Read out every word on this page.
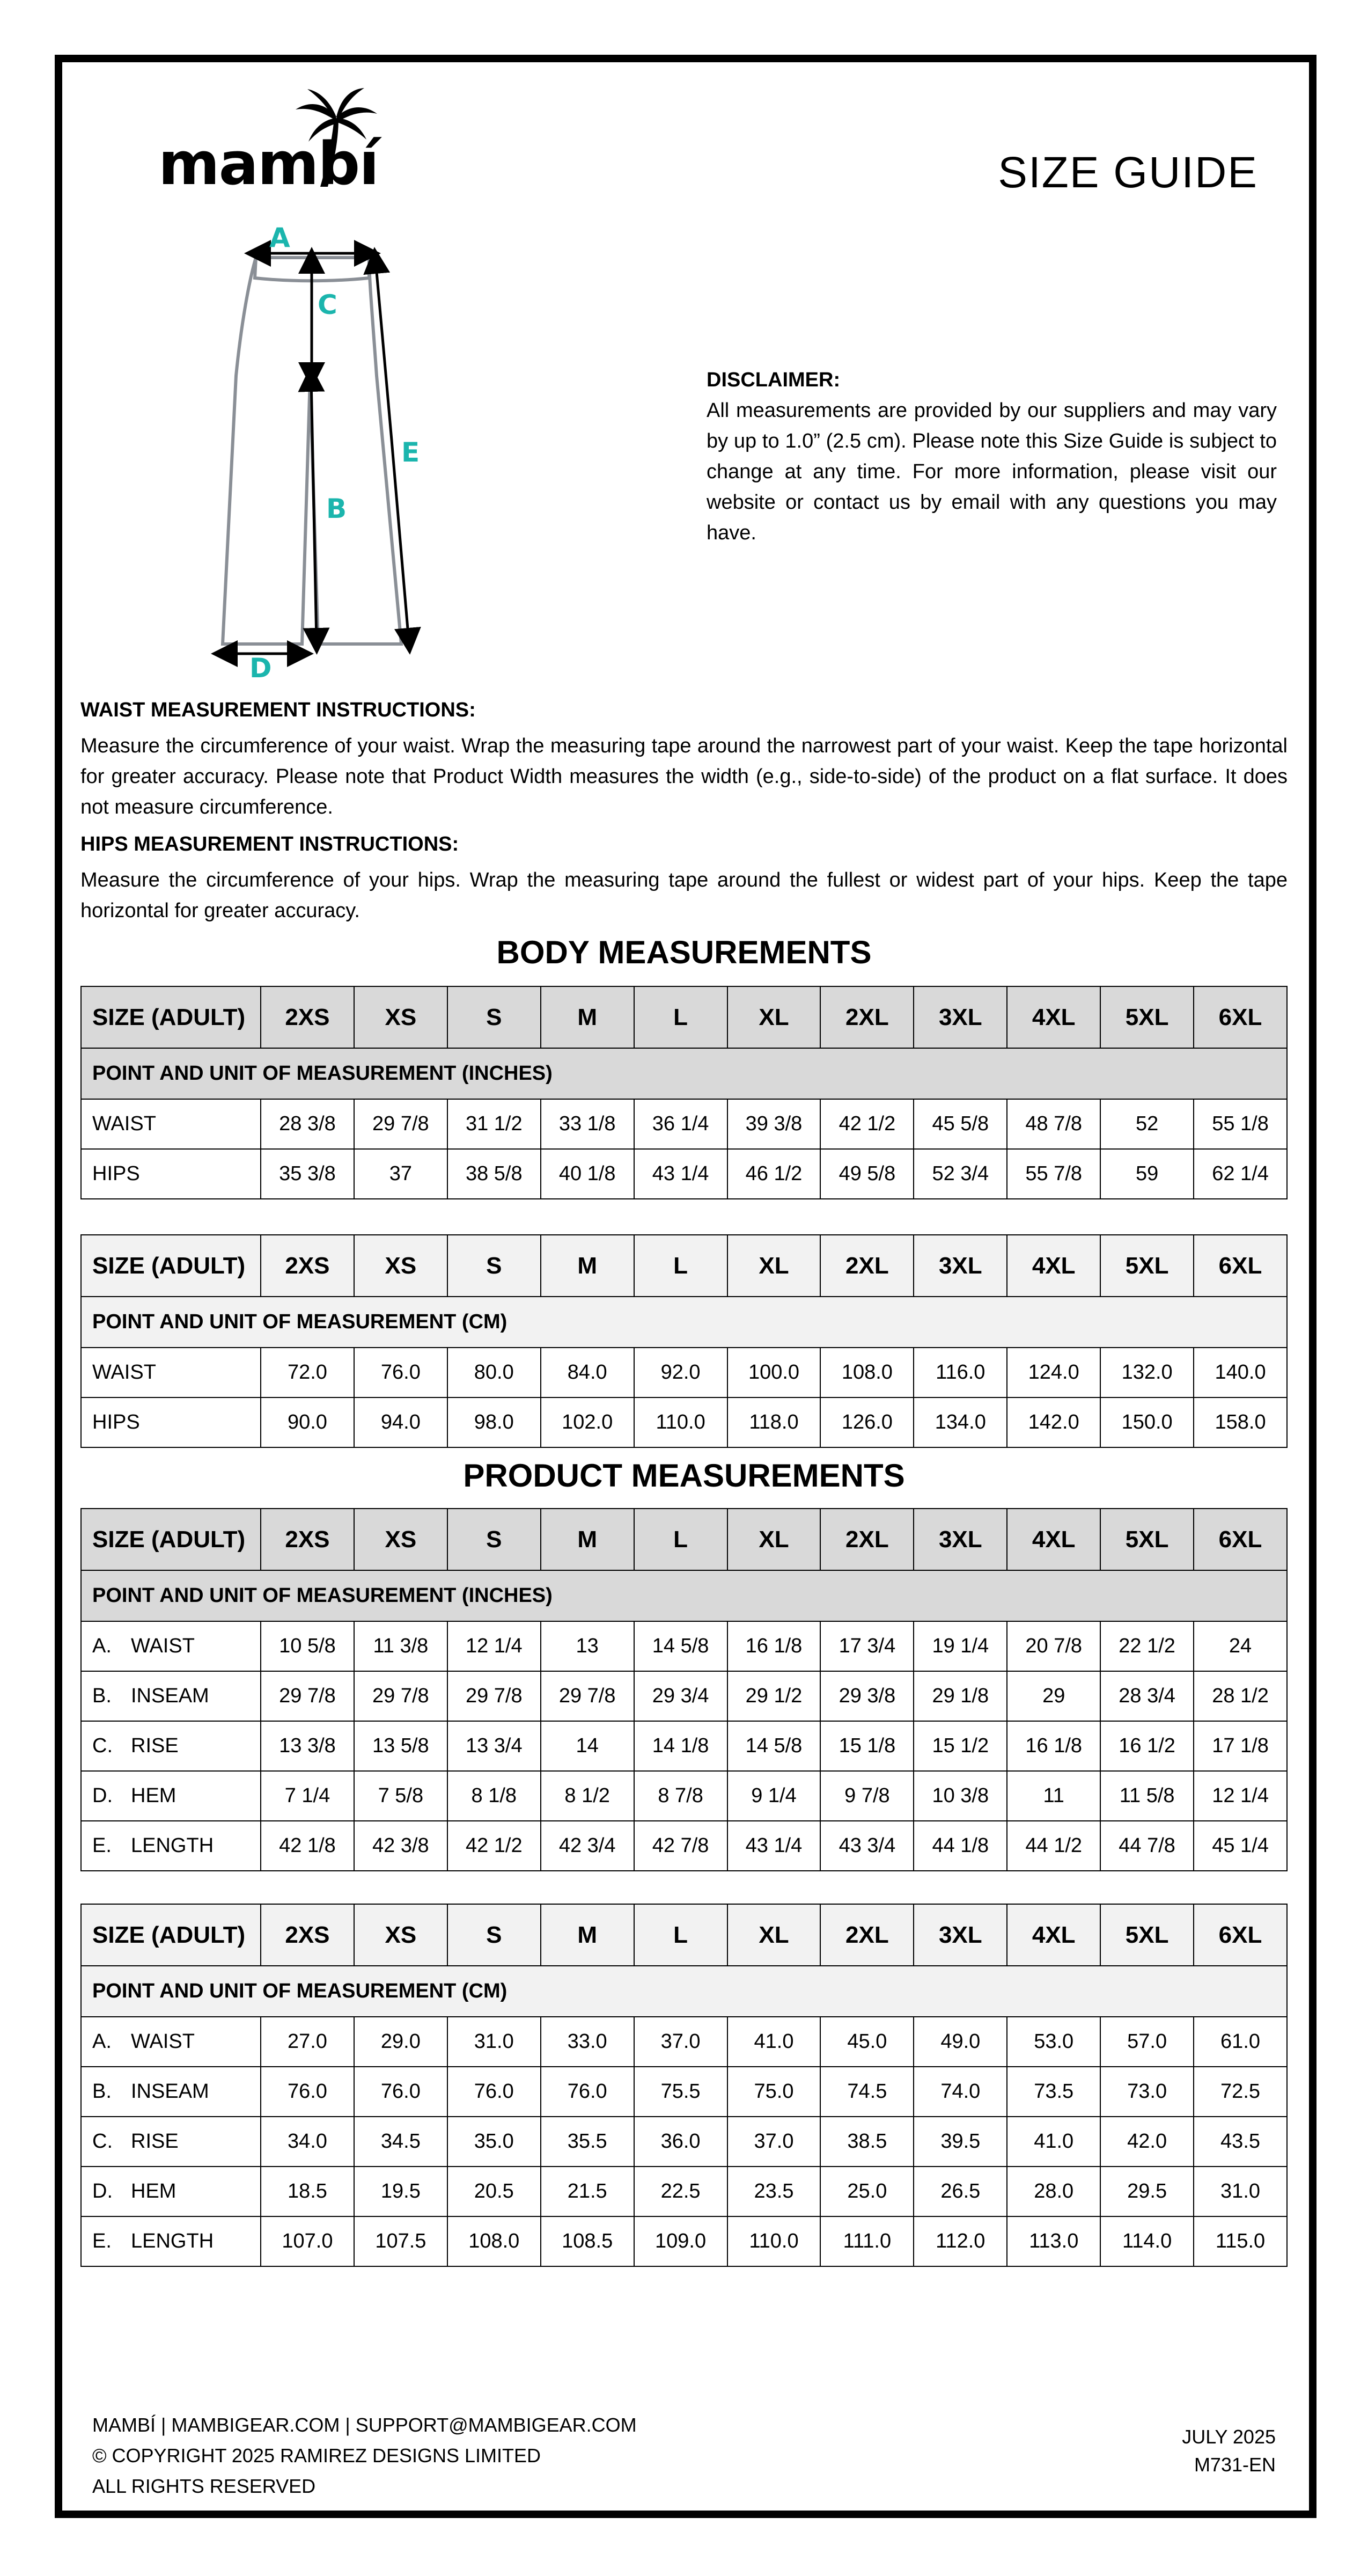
mambí	SIZE GUIDE
A
C
B
D
E
DISCLAIMER:
All measurements are provided by our suppliers and may vary by up to 1.0” (2.5 cm). Please note this Size Guide is subject to change at any time. For more information, please visit our website or contact us by email with any questions you may have.
WAIST MEASUREMENT INSTRUCTIONS:
Measure the circumference of your waist. Wrap the measuring tape around the narrowest part of your waist. Keep the tape horizontal for greater accuracy. Please note that Product Width measures the width (e.g., side-to-side) of the product on a flat surface. It does not measure circumference.
HIPS MEASUREMENT INSTRUCTIONS:
Measure the circumference of your hips. Wrap the measuring tape around the fullest or widest part of your hips. Keep the tape horizontal for greater accuracy.
BODY MEASUREMENTS
SIZE (ADULT)	2XS	XS	S	M	L	XL	2XL	3XL	4XL	5XL	6XL
POINT AND UNIT OF MEASUREMENT (INCHES)											
WAIST	28 3/8	29 7/8	31 1/2	33 1/8	36 1/4	39 3/8	42 1/2	45 5/8	48 7/8	52	55 1/8
HIPS	35 3/8	37	38 5/8	40 1/8	43 1/4	46 1/2	49 5/8	52 3/4	55 7/8	59	62 1/4
SIZE (ADULT)	2XS	XS	S	M	L	XL	2XL	3XL	4XL	5XL	6XL
POINT AND UNIT OF MEASUREMENT (CM)											
WAIST	72.0	76.0	80.0	84.0	92.0	100.0	108.0	116.0	124.0	132.0	140.0
HIPS	90.0	94.0	98.0	102.0	110.0	118.0	126.0	134.0	142.0	150.0	158.0
PRODUCT MEASUREMENTS
SIZE (ADULT)	2XS	XS	S	M	L	XL	2XL	3XL	4XL	5XL	6XL
POINT AND UNIT OF MEASUREMENT (INCHES)											
A. WAIST	10 5/8	11 3/8	12 1/4	13	14 5/8	16 1/8	17 3/4	19 1/4	20 7/8	22 1/2	24
B. INSEAM	29 7/8	29 7/8	29 7/8	29 7/8	29 3/4	29 1/2	29 3/8	29 1/8	29	28 3/4	28 1/2
C. RISE	13 3/8	13 5/8	13 3/4	14	14 1/8	14 5/8	15 1/8	15 1/2	16 1/8	16 1/2	17 1/8
D. HEM	7 1/4	7 5/8	8 1/8	8 1/2	8 7/8	9 1/4	9 7/8	10 3/8	11	11 5/8	12 1/4
E. LENGTH	42 1/8	42 3/8	42 1/2	42 3/4	42 7/8	43 1/4	43 3/4	44 1/8	44 1/2	44 7/8	45 1/4
SIZE (ADULT)	2XS	XS	S	M	L	XL	2XL	3XL	4XL	5XL	6XL
POINT AND UNIT OF MEASUREMENT (CM)											
A. WAIST	27.0	29.0	31.0	33.0	37.0	41.0	45.0	49.0	53.0	57.0	61.0
B. INSEAM	76.0	76.0	76.0	76.0	75.5	75.0	74.5	74.0	73.5	73.0	72.5
C. RISE	34.0	34.5	35.0	35.5	36.0	37.0	38.5	39.5	41.0	42.0	43.5
D. HEM	18.5	19.5	20.5	21.5	22.5	23.5	25.0	26.5	28.0	29.5	31.0
E. LENGTH	107.0	107.5	108.0	108.5	109.0	110.0	111.0	112.0	113.0	114.0	115.0
MAMBÍ | MAMBIGEAR.COM | SUPPORT@MAMBIGEAR.COM
© COPYRIGHT 2025 RAMIREZ DESIGNS LIMITED
ALL RIGHTS RESERVED
JULY 2025
M731-EN
